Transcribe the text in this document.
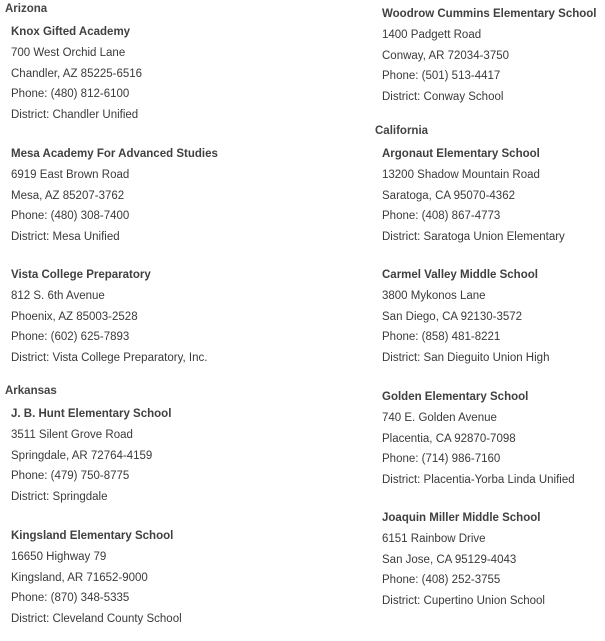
Arizona
Knox Gifted Academy
700 West Orchid Lane
Chandler, AZ 85225-6516
Phone: (480) 812-6100
District: Chandler Unified
Mesa Academy For Advanced Studies
6919 East Brown Road
Mesa, AZ 85207-3762
Phone: (480) 308-7400
District: Mesa Unified
Vista College Preparatory
812 S. 6th Avenue
Phoenix, AZ 85003-2528
Phone: (602) 625-7893
District: Vista College Preparatory, Inc.
Arkansas
J. B. Hunt Elementary School
3511 Silent Grove Road
Springdale, AR 72764-4159
Phone: (479) 750-8775
District: Springdale
Kingsland Elementary School
16650 Highway 79
Kingsland, AR 71652-9000
Phone: (870) 348-5335
District: Cleveland County School
Woodrow Cummins Elementary School
1400 Padgett Road
Conway, AR 72034-3750
Phone: (501) 513-4417
District: Conway School
California
Argonaut Elementary School
13200 Shadow Mountain Road
Saratoga, CA 95070-4362
Phone: (408) 867-4773
District: Saratoga Union Elementary
Carmel Valley Middle School
3800 Mykonos Lane
San Diego, CA 92130-3572
Phone: (858) 481-8221
District: San Dieguito Union High
Golden Elementary School
740 E. Golden Avenue
Placentia, CA 92870-7098
Phone: (714) 986-7160
District: Placentia-Yorba Linda Unified
Joaquin Miller Middle School
6151 Rainbow Drive
San Jose, CA 95129-4043
Phone: (408) 252-3755
District: Cupertino Union School
